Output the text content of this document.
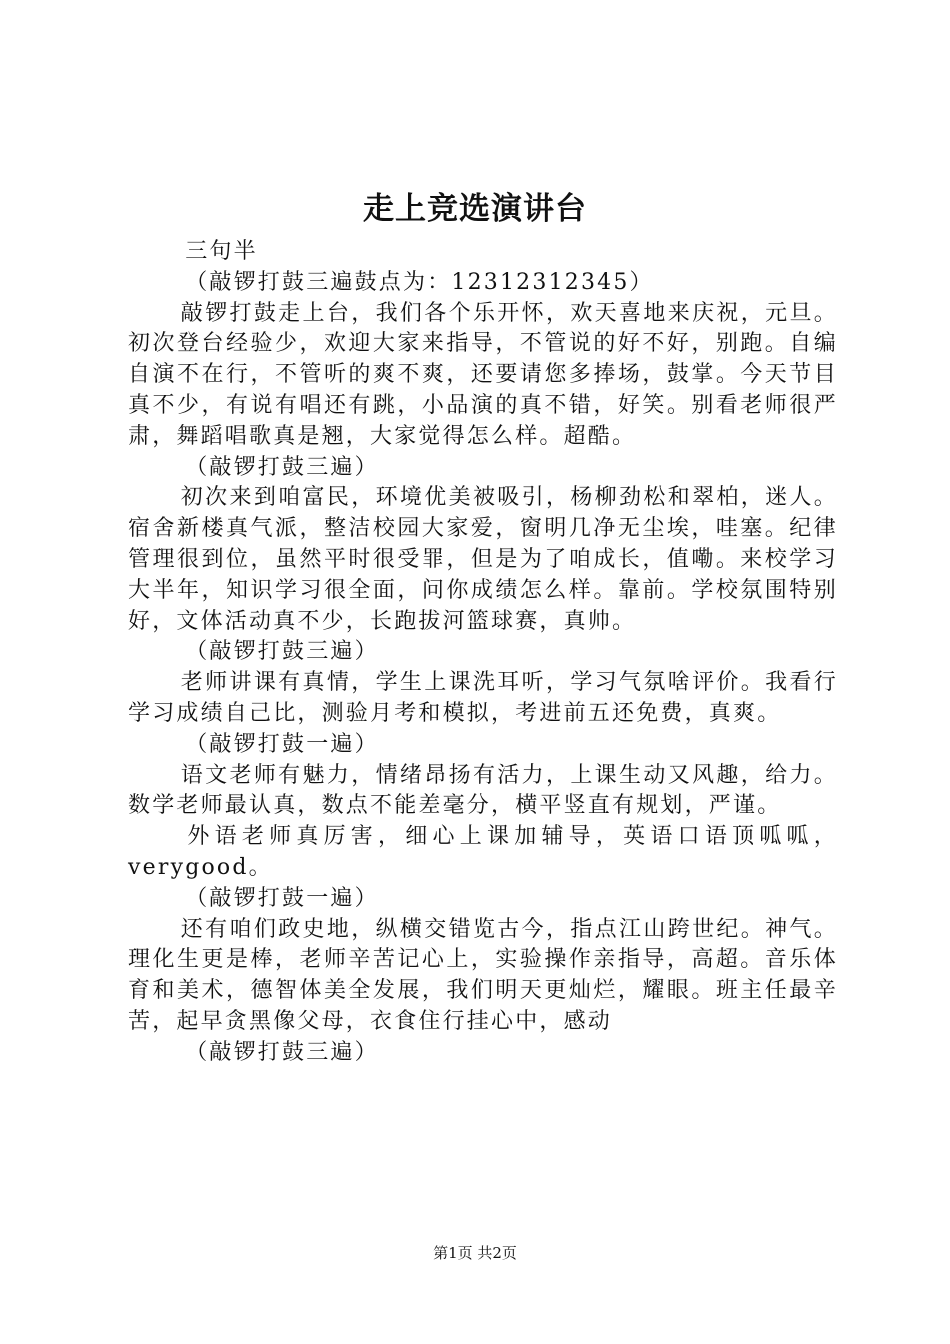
走上竞选演讲台

三句半

（敲锣打鼓三遍鼓点为：12312312345）

敲锣打鼓走上台，我们各个乐开怀，欢天喜地来庆祝，元旦。初次登台经验少，欢迎大家来指导，不管说的好不好，别跑。自编自演不在行，不管听的爽不爽，还要请您多捧场，鼓掌。今天节目真不少，有说有唱还有跳，小品演的真不错，好笑。别看老师很严肃，舞蹈唱歌真是翘，大家觉得怎么样。超酷。

（敲锣打鼓三遍）

初次来到咱富民，环境优美被吸引，杨柳劲松和翠柏，迷人。宿舍新楼真气派，整洁校园大家爱，窗明几净无尘埃，哇塞。纪律管理很到位，虽然平时很受罪，但是为了咱成长，值嘞。来校学习大半年，知识学习很全面，问你成绩怎么样。靠前。学校氛围特别好，文体活动真不少，长跑拔河篮球赛，真帅。

（敲锣打鼓三遍）

老师讲课有真情，学生上课洗耳听，学习气氛啥评价。我看行学习成绩自己比，测验月考和模拟，考进前五还免费，真爽。

（敲锣打鼓一遍）

语文老师有魅力，情绪昂扬有活力，上课生动又风趣，给力。数学老师最认真，数点不能差毫分，横平竖直有规划，严谨。

外语老师真厉害，细心上课加辅导，英语口语顶呱呱，verygood。

（敲锣打鼓一遍）

还有咱们政史地，纵横交错览古今，指点江山跨世纪。神气。理化生更是棒，老师辛苦记心上，实验操作亲指导，高超。音乐体育和美术，德智体美全发展，我们明天更灿烂，耀眼。班主任最辛苦，起早贪黑像父母，衣食住行挂心中，感动

（敲锣打鼓三遍）

第1页 共2页
